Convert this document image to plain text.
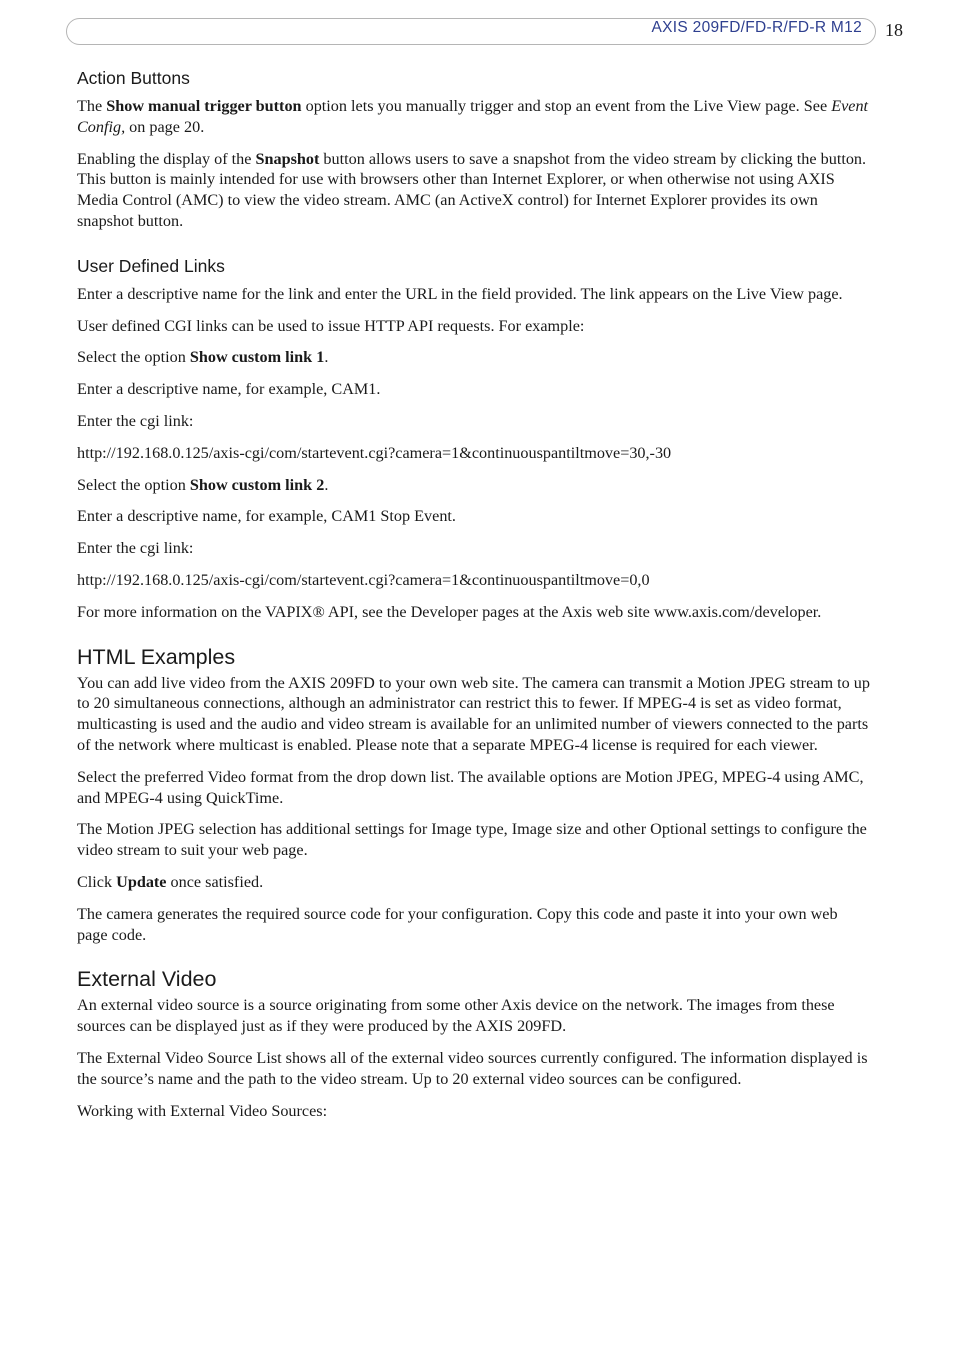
AXIS 209FD/FD-R/FD-R M12 18
Action Buttons

The Show manual trigger button option lets you manually trigger and stop an event from the Live View page. See Event Config, on page 20.

Enabling the display of the Snapshot button allows users to save a snapshot from the video stream by clicking the button. This button is mainly intended for use with browsers other than Internet Explorer, or when otherwise not using AXIS Media Control (AMC) to view the video stream. AMC (an ActiveX control) for Internet Explorer provides its own snapshot button.

User Defined Links

Enter a descriptive name for the link and enter the URL in the field provided. The link appears on the Live View page.

User defined CGI links can be used to issue HTTP API requests. For example:

Select the option Show custom link 1.

Enter a descriptive name, for example, CAM1.

Enter the cgi link:

http://192.168.0.125/axis-cgi/com/startevent.cgi?camera=1&continuouspantiltmove=30,-30

Select the option Show custom link 2.

Enter a descriptive name, for example, CAM1 Stop Event.

Enter the cgi link:

http://192.168.0.125/axis-cgi/com/startevent.cgi?camera=1&continuouspantiltmove=0,0

For more information on the VAPIX® API, see the Developer pages at the Axis web site www.axis.com/developer.

HTML Examples

You can add live video from the AXIS 209FD to your own web site. The camera can transmit a Motion JPEG stream to up to 20 simultaneous connections, although an administrator can restrict this to fewer. If MPEG-4 is set as video format, multicasting is used and the audio and video stream is available for an unlimited number of viewers connected to the parts of the network where multicast is enabled. Please note that a separate MPEG-4 license is required for each viewer.

Select the preferred Video format from the drop down list. The available options are Motion JPEG, MPEG-4 using AMC, and MPEG-4 using QuickTime.

The Motion JPEG selection has additional settings for Image type, Image size and other Optional settings to configure the video stream to suit your web page.

Click Update once satisfied.

The camera generates the required source code for your configuration. Copy this code and paste it into your own web page code.

External Video

An external video source is a source originating from some other Axis device on the network. The images from these sources can be displayed just as if they were produced by the AXIS 209FD.

The External Video Source List shows all of the external video sources currently configured. The information displayed is the source’s name and the path to the video stream. Up to 20 external video sources can be configured.

Working with External Video Sources:
